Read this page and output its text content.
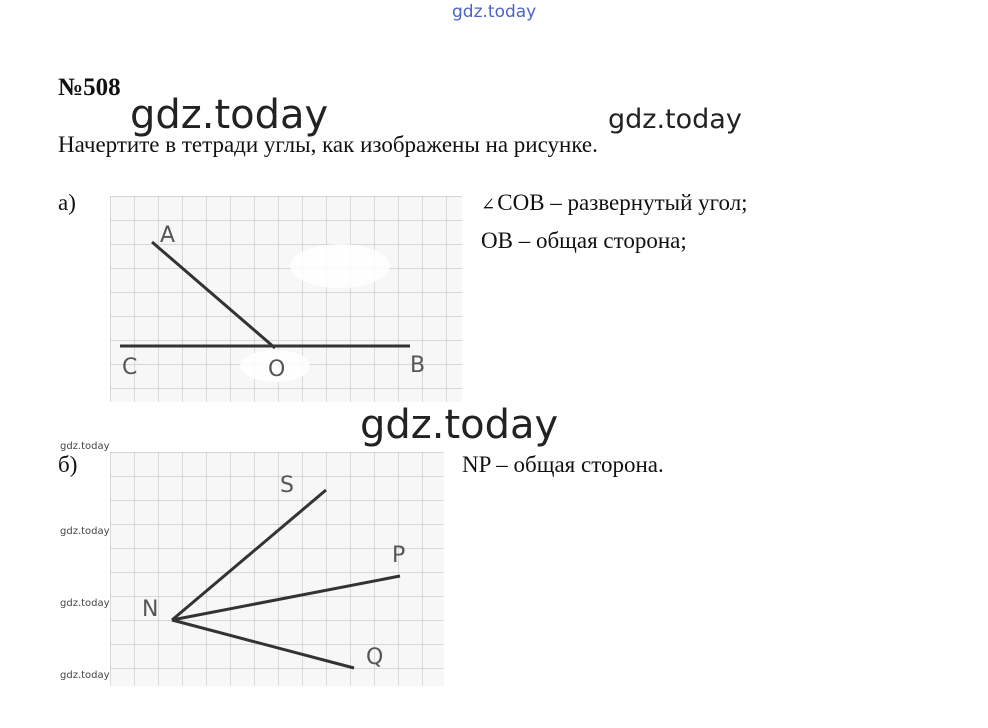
gdz.today
gdz.today	gdz.today
gdz.today
gdz.today
gdz.today
gdz.today
gdz.today
№508
Начертите в тетради углы, как изображены на рисунке.
а)	∠COB – развернутый угол;
OB – общая сторона;
A
C	O	B
б)	NP – общая сторона.
S
P
N
Q
